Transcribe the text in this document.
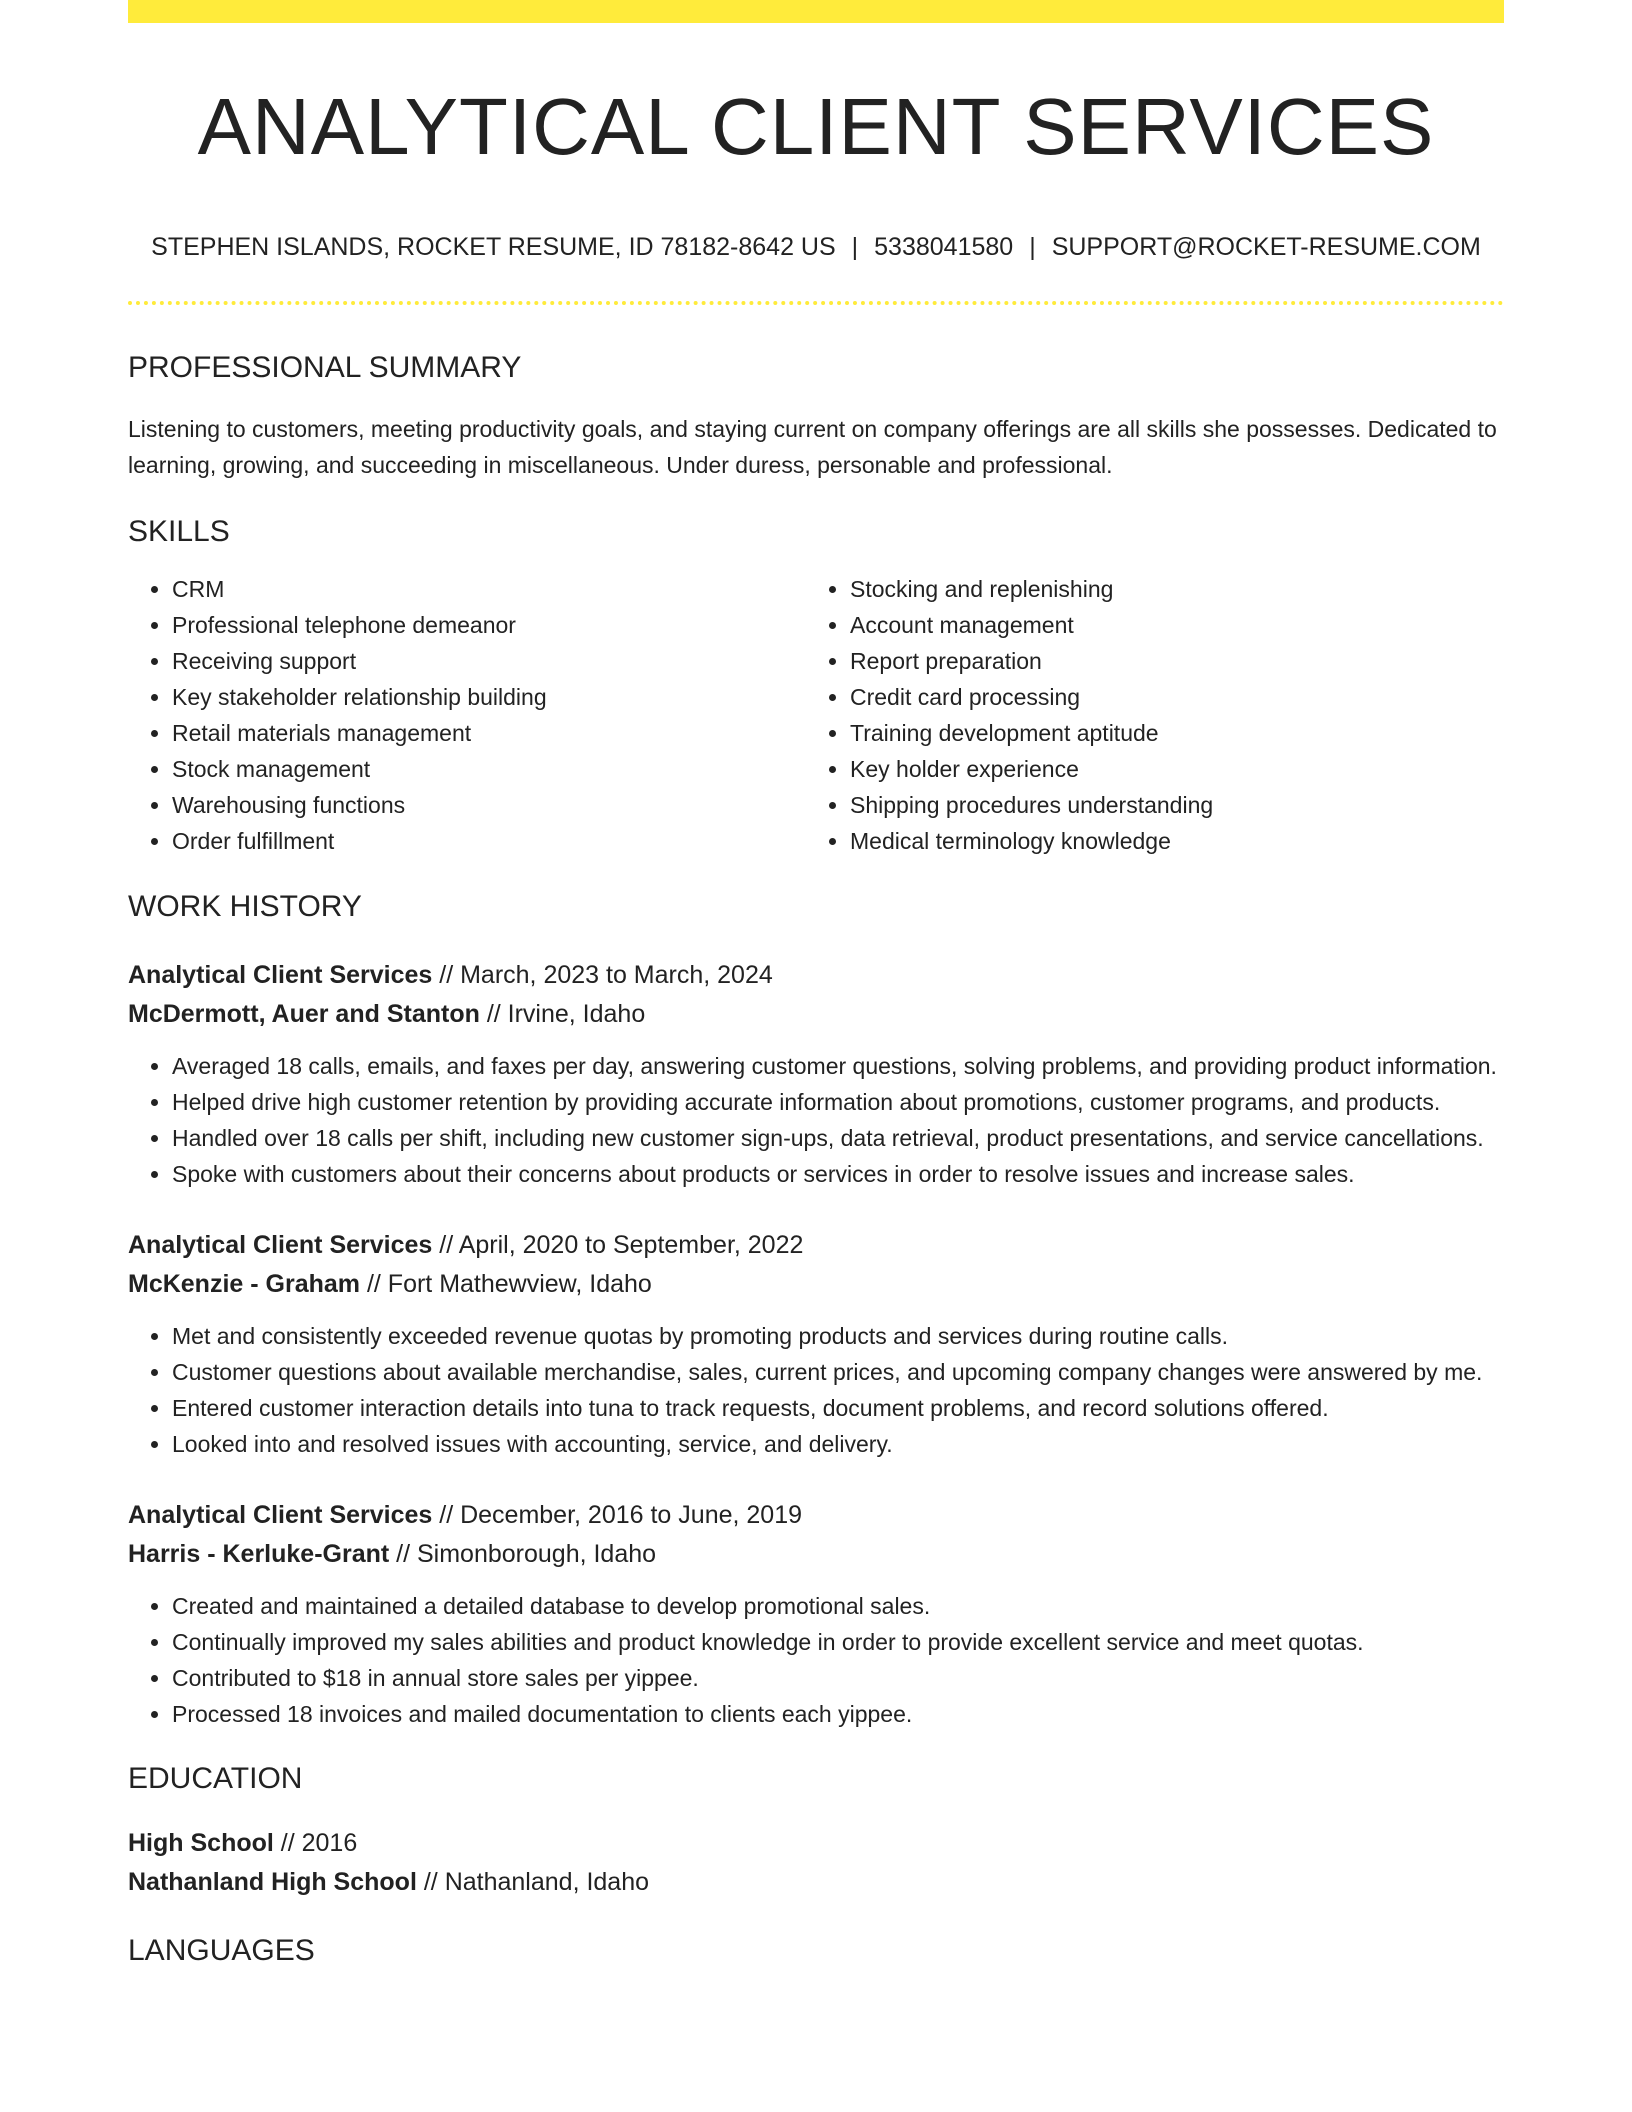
ANALYTICAL CLIENT SERVICES
STEPHEN ISLANDS, ROCKET RESUME, ID 78182-8642 US | 5338041580 | SUPPORT@ROCKET-RESUME.COM
PROFESSIONAL SUMMARY

Listening to customers, meeting productivity goals, and staying current on company offerings are all skills she possesses. Dedicated to learning, growing, and succeeding in miscellaneous. Under duress, personable and professional.

SKILLS
• CRM
• Professional telephone demeanor
• Receiving support
• Key stakeholder relationship building
• Retail materials management
• Stock management
• Warehousing functions
• Order fulfillment
• Stocking and replenishing
• Account management
• Report preparation
• Credit card processing
• Training development aptitude
• Key holder experience
• Shipping procedures understanding
• Medical terminology knowledge
WORK HISTORY
Analytical Client Services // March, 2023 to March, 2024
McDermott, Auer and Stanton // Irvine, Idaho
• Averaged 18 calls, emails, and faxes per day, answering customer questions, solving problems, and providing product information.
• Helped drive high customer retention by providing accurate information about promotions, customer programs, and products.
• Handled over 18 calls per shift, including new customer sign-ups, data retrieval, product presentations, and service cancellations.
• Spoke with customers about their concerns about products or services in order to resolve issues and increase sales.
Analytical Client Services // April, 2020 to September, 2022
McKenzie - Graham // Fort Mathewview, Idaho
• Met and consistently exceeded revenue quotas by promoting products and services during routine calls.
• Customer questions about available merchandise, sales, current prices, and upcoming company changes were answered by me.
• Entered customer interaction details into tuna to track requests, document problems, and record solutions offered.
• Looked into and resolved issues with accounting, service, and delivery.
Analytical Client Services // December, 2016 to June, 2019
Harris - Kerluke-Grant // Simonborough, Idaho
• Created and maintained a detailed database to develop promotional sales.
• Continually improved my sales abilities and product knowledge in order to provide excellent service and meet quotas.
• Contributed to $18 in annual store sales per yippee.
• Processed 18 invoices and mailed documentation to clients each yippee.
EDUCATION
High School // 2016
Nathanland High School // Nathanland, Idaho
LANGUAGES
